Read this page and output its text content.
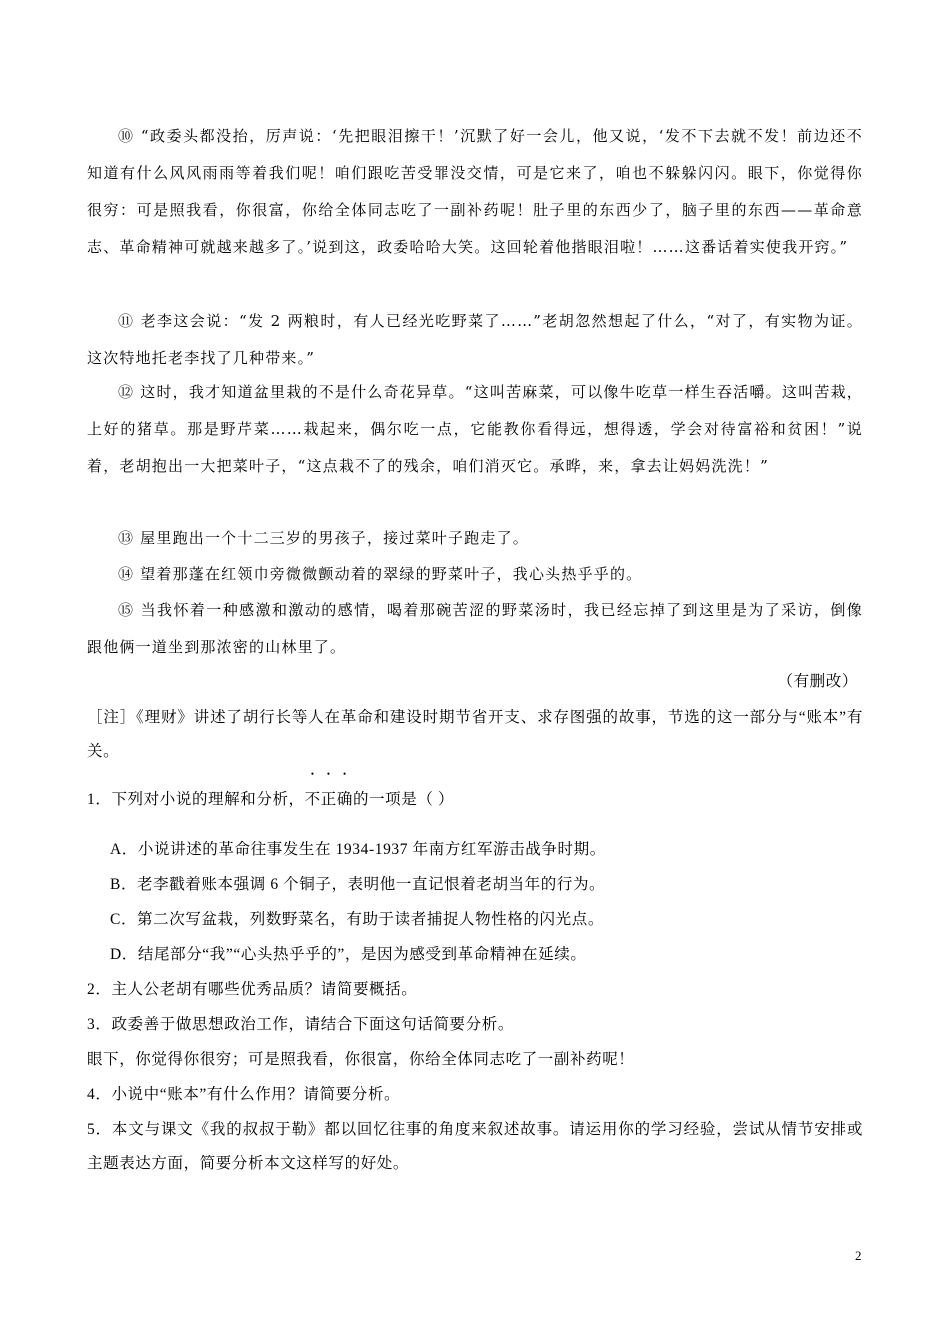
⑩ “政委头都没抬，厉声说：‘先把眼泪擦干！’沉默了好一会儿，他又说，‘发不下去就不发！前边还不知道有什么风风雨雨等着我们呢！咱们跟吃苦受罪没交情，可是它来了，咱也不躲躲闪闪。眼下，你觉得你很穷：可是照我看，你很富，你给全体同志吃了一副补药呢！肚子里的东西少了，脑子里的东西——革命意志、革命精神可就越来越多了。’说到这，政委哈哈大笑。这回轮着他揩眼泪啦！……这番话着实使我开窍。”

⑪ 老李这会说：“发 2 两粮时，有人已经光吃野菜了……”老胡忽然想起了什么，“对了，有实物为证。这次特地托老李找了几种带来。”

⑫ 这时，我才知道盆里栽的不是什么奇花异草。“这叫苦麻菜，可以像牛吃草一样生吞活嚼。这叫苦栽，上好的猪草。那是野芹菜……栽起来，偶尔吃一点，它能教你看得远，想得透，学会对待富裕和贫困！”说着，老胡抱出一大把菜叶子，“这点栽不了的残余，咱们消灭它。承晔，来，拿去让妈妈洗洗！”

⑬ 屋里跑出一个十二三岁的男孩子，接过菜叶子跑走了。

⑭ 望着那蓬在红领巾旁微微颤动着的翠绿的野菜叶子，我心头热乎乎的。

⑮ 当我怀着一种感激和激动的感情，喝着那碗苦涩的野菜汤时，我已经忘掉了到这里是为了采访，倒像跟他俩一道坐到那浓密的山林里了。

（有删改）

［注］《理财》讲述了胡行长等人在革命和建设时期节省开支、求存图强的故事，节选的这一部分与“账本”有关。

1．下列对小说的理解和分析，不正确的一项是（ ）

A．小说讲述的革命往事发生在 1934-1937 年南方红军游击战争时期。

B．老李戳着账本强调 6 个铜子，表明他一直记恨着老胡当年的行为。

C．第二次写盆栽，列数野菜名，有助于读者捕捉人物性格的闪光点。

D．结尾部分“我”“心头热乎乎的”，是因为感受到革命精神在延续。

2．主人公老胡有哪些优秀品质？请简要概括。

3．政委善于做思想政治工作，请结合下面这句话简要分析。

眼下，你觉得你很穷；可是照我看，你很富，你给全体同志吃了一副补药呢！

4．小说中“账本”有什么作用？请简要分析。

5．本文与课文《我的叔叔于勒》都以回忆往事的角度来叙述故事。请运用你的学习经验，尝试从情节安排或主题表达方面，简要分析本文这样写的好处。

2
